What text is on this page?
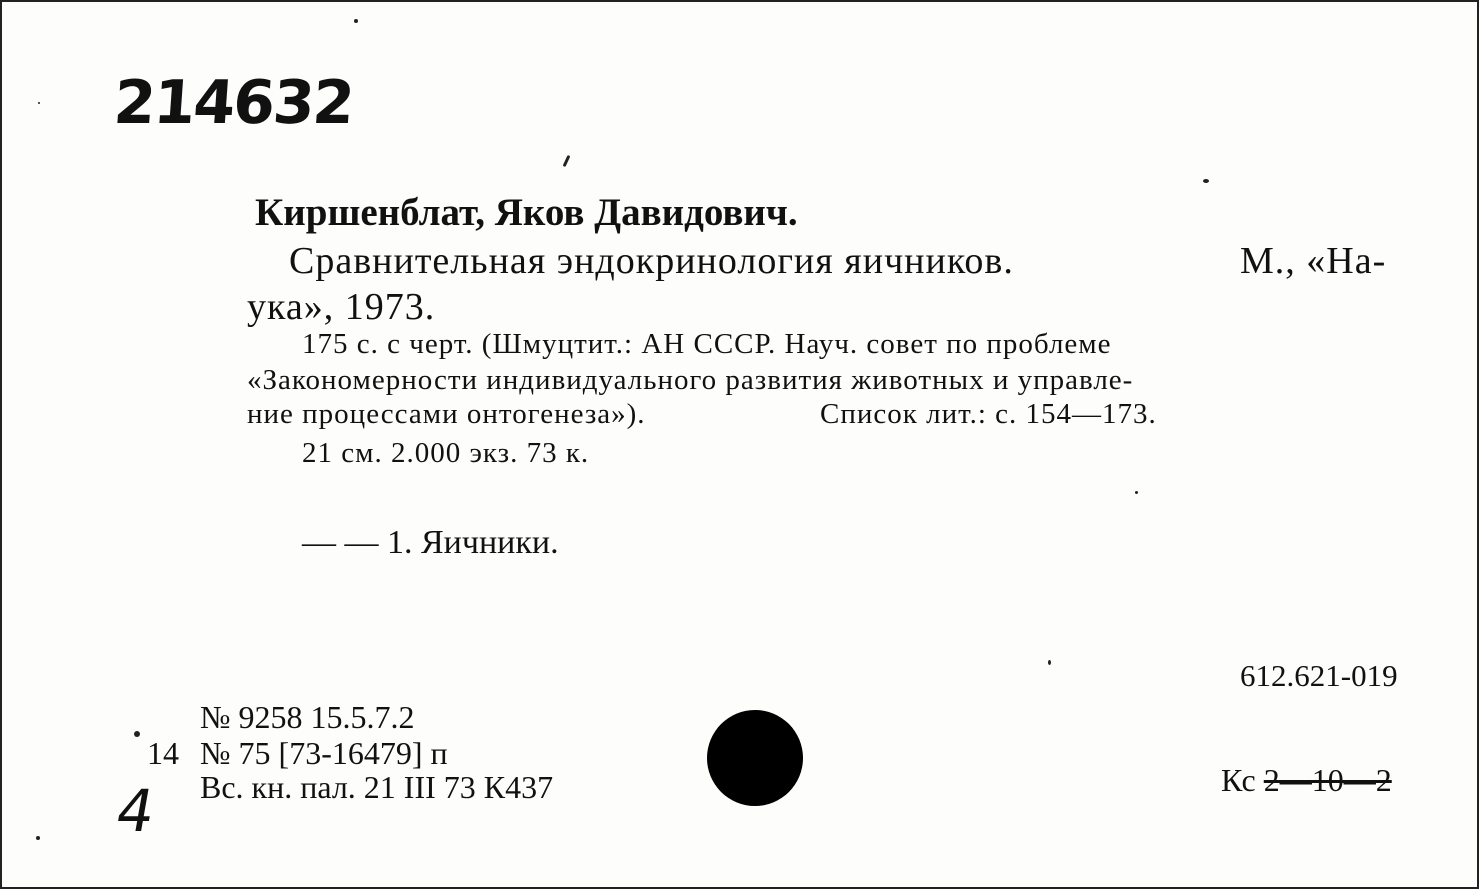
214632
Киршенблат, Яков Давидович.
Сравнительная эндокринология яичников.	М., «На-
ука», 1973.
175 с. с черт. (Шмуцтит.: АН СССР. Науч. совет по проблеме
«Закономерности индивидуального развития животных и управле-
ние процессами онтогенеза»).	Список лит.: с. 154—173.
21 см. 2.000 экз. 73 к.
— — 1. Яичники.
612.621-019
№ 9258 15.5.7.2
14 № 75 [73-16479] п
Вс. кн. пал. 21 III 73 К437	Кс 2—10—2
4
